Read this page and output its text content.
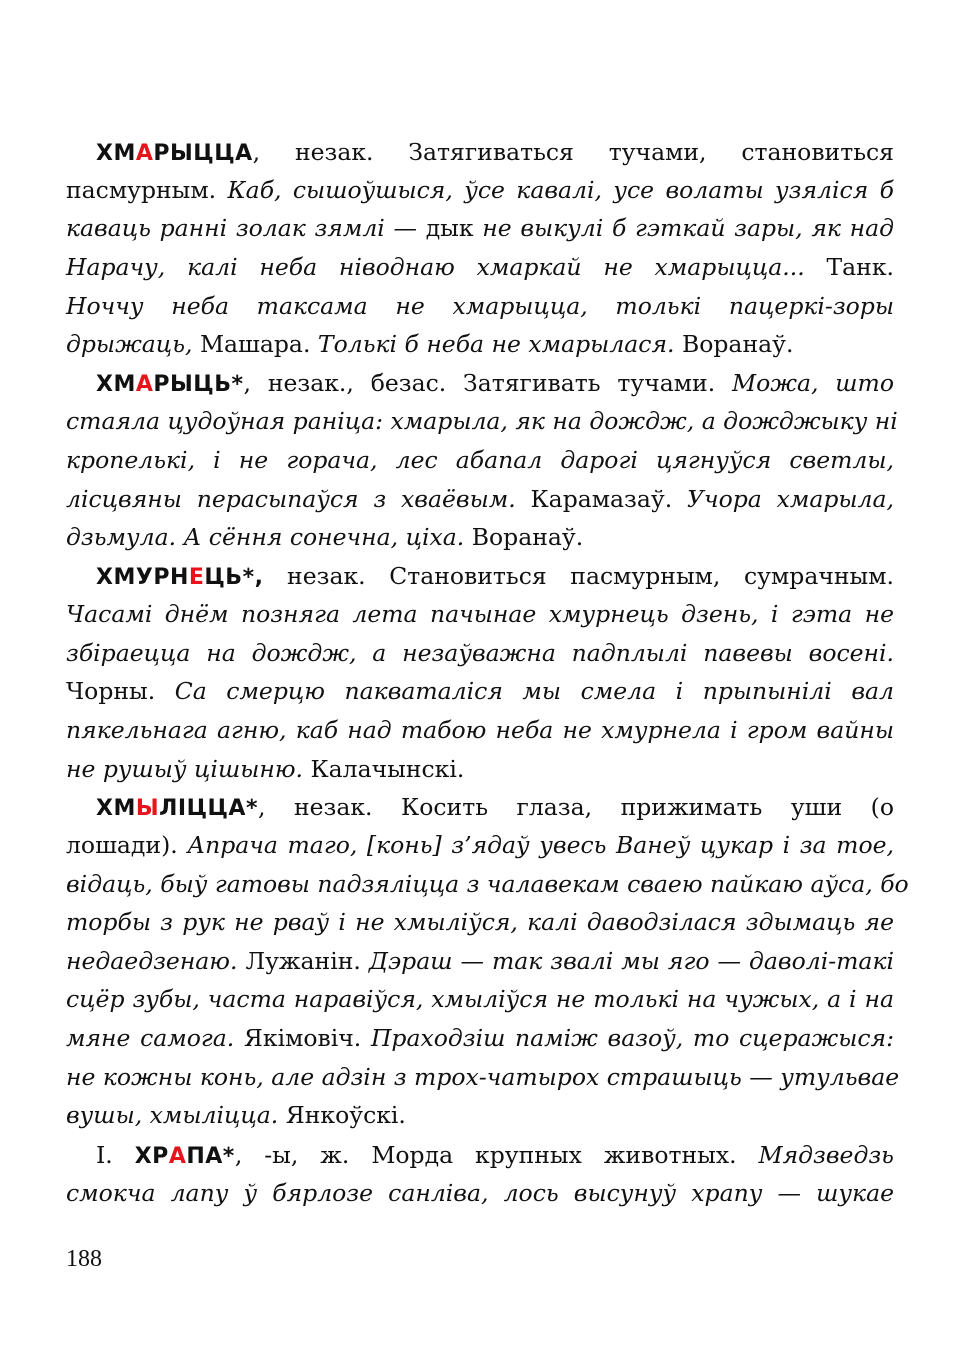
ХМАРЫЦЦА, незак. Затягиваться тучами, становиться
пасмурным. Каб, сышоўшыся, ўсе кавалі, усе волаты узяліся б
каваць ранні золак зямлі — дык не выкулі б гэткай зары, як над
Нарачу, калі неба ніводнаю хмаркай не хмарыцца... Танк.
Ноччу неба таксама не хмарыцца, толькі пацеркі-зоры
дрыжаць, Машара. Толькі б неба не хмарылася. Воранаў.
ХМАРЫЦЬ*, незак., безас. Затягивать тучами. Можа, што
стаяла цудоўная раніца: хмарыла, як на дождж, а дожджыку ні
кропелькі, і не горача, лес абапал дарогі цягнуўся светлы,
лісцвяны перасыпаўся з хваёвым. Карамазаў. Учора хмарыла,
дзьмула. А сёння сонечна, ціха. Воранаў.
ХМУРНЕЦЬ*, незак. Становиться пасмурным, сумрачным.
Часамі днём позняга лета пачынае хмурнець дзень, і гэта не
збіраецца на дождж, а незаўважна падплылі павевы восені.
Чорны. Са смерцю пакваталіся мы смела і прыпынілі вал
пякельнага агню, каб над табою неба не хмурнела і гром вайны
не рушыў цішыню. Калачынскі.
ХМЫЛІЦЦА*, незак. Косить глаза, прижимать уши (о
лошади). Апрача таго, [конь] з’ядаў увесь Ванеў цукар і за тое,
відаць, быў гатовы падзяліцца з чалавекам сваею пайкаю аўса, бо
торбы з рук не рваў і не хмыліўся, калі даводзілася здымаць яе
недаедзенаю. Лужанін. Дэраш — так звалі мы яго — даволі-такі
сцёр зубы, часта наравіўся, хмыліўся не толькі на чужых, а і на
мяне самога. Якімовіч. Праходзіш паміж вазоў, то сцеражыся:
не кожны конь, але адзін з трох-чатырох страшыць — утульвае
вушы, хмыліцца. Янкоўскі.
I. ХРАПА*, -ы, ж. Морда крупных животных. Мядзведзь
смокча лапу ў бярлозе санліва, лось высунуў храпу — шукае
188
